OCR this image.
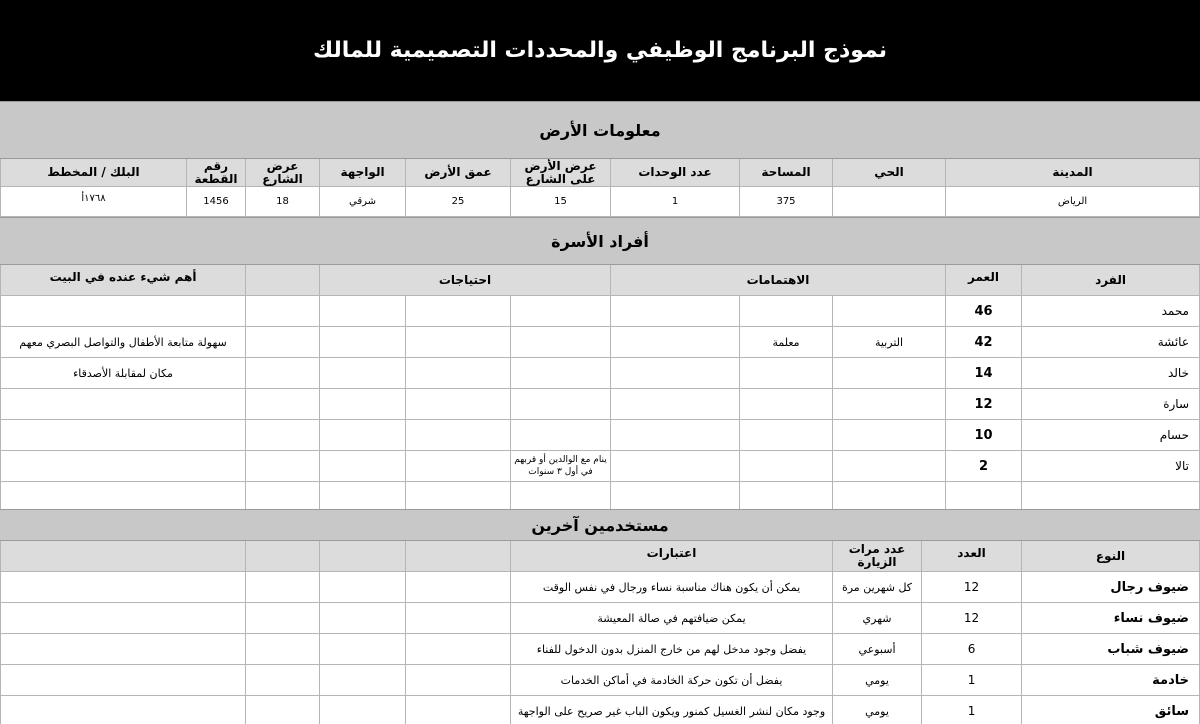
نموذج البرنامج الوظيفي والمحددات التصميمية للمالك
معلومات الأرض
المدينة
الحي
المساحة
عدد الوحدات
عرض الأرض على الشارع
عمق الأرض
الواجهة
عرض الشارع
رقم القطعة
البلك / المخطط
الرياض
375
1
15
25
شرقي
18
1456
١٧٦٨أ
أفراد الأسرة
الفرد
العمر
الاهتمامات
احتياجات
أهم شيء عنده في البيت
محمد
46
عائشة
42
التربية
معلمة
سهولة متابعة الأطفال والتواصل البصري معهم
خالد
14
مكان لمقابلة الأصدقاء
سارة
12
حسام
10
تالا
2
ينام مع الوالدين أو قربهم في أول ٣ سنوات
مستخدمين آخرين
النوع
العدد
عدد مرات الزيارة
اعتبارات
ضيوف رجال
12
كل شهرين مرة
يمكن أن يكون هناك مناسبة نساء ورجال في نفس الوقت
ضيوف نساء
12
شهري
يمكن ضيافتهم في صالة المعيشة
ضيوف شباب
6
أسبوعي
يفضل وجود مدخل لهم من خارج المنزل بدون الدخول للفناء
خادمة
1
يومي
يفضل أن تكون حركة الخادمة في أماكن الخدمات
سائق
1
يومي
وجود مكان لنشر الغسيل كمنور ويكون الباب غير صريح على الواجهة
